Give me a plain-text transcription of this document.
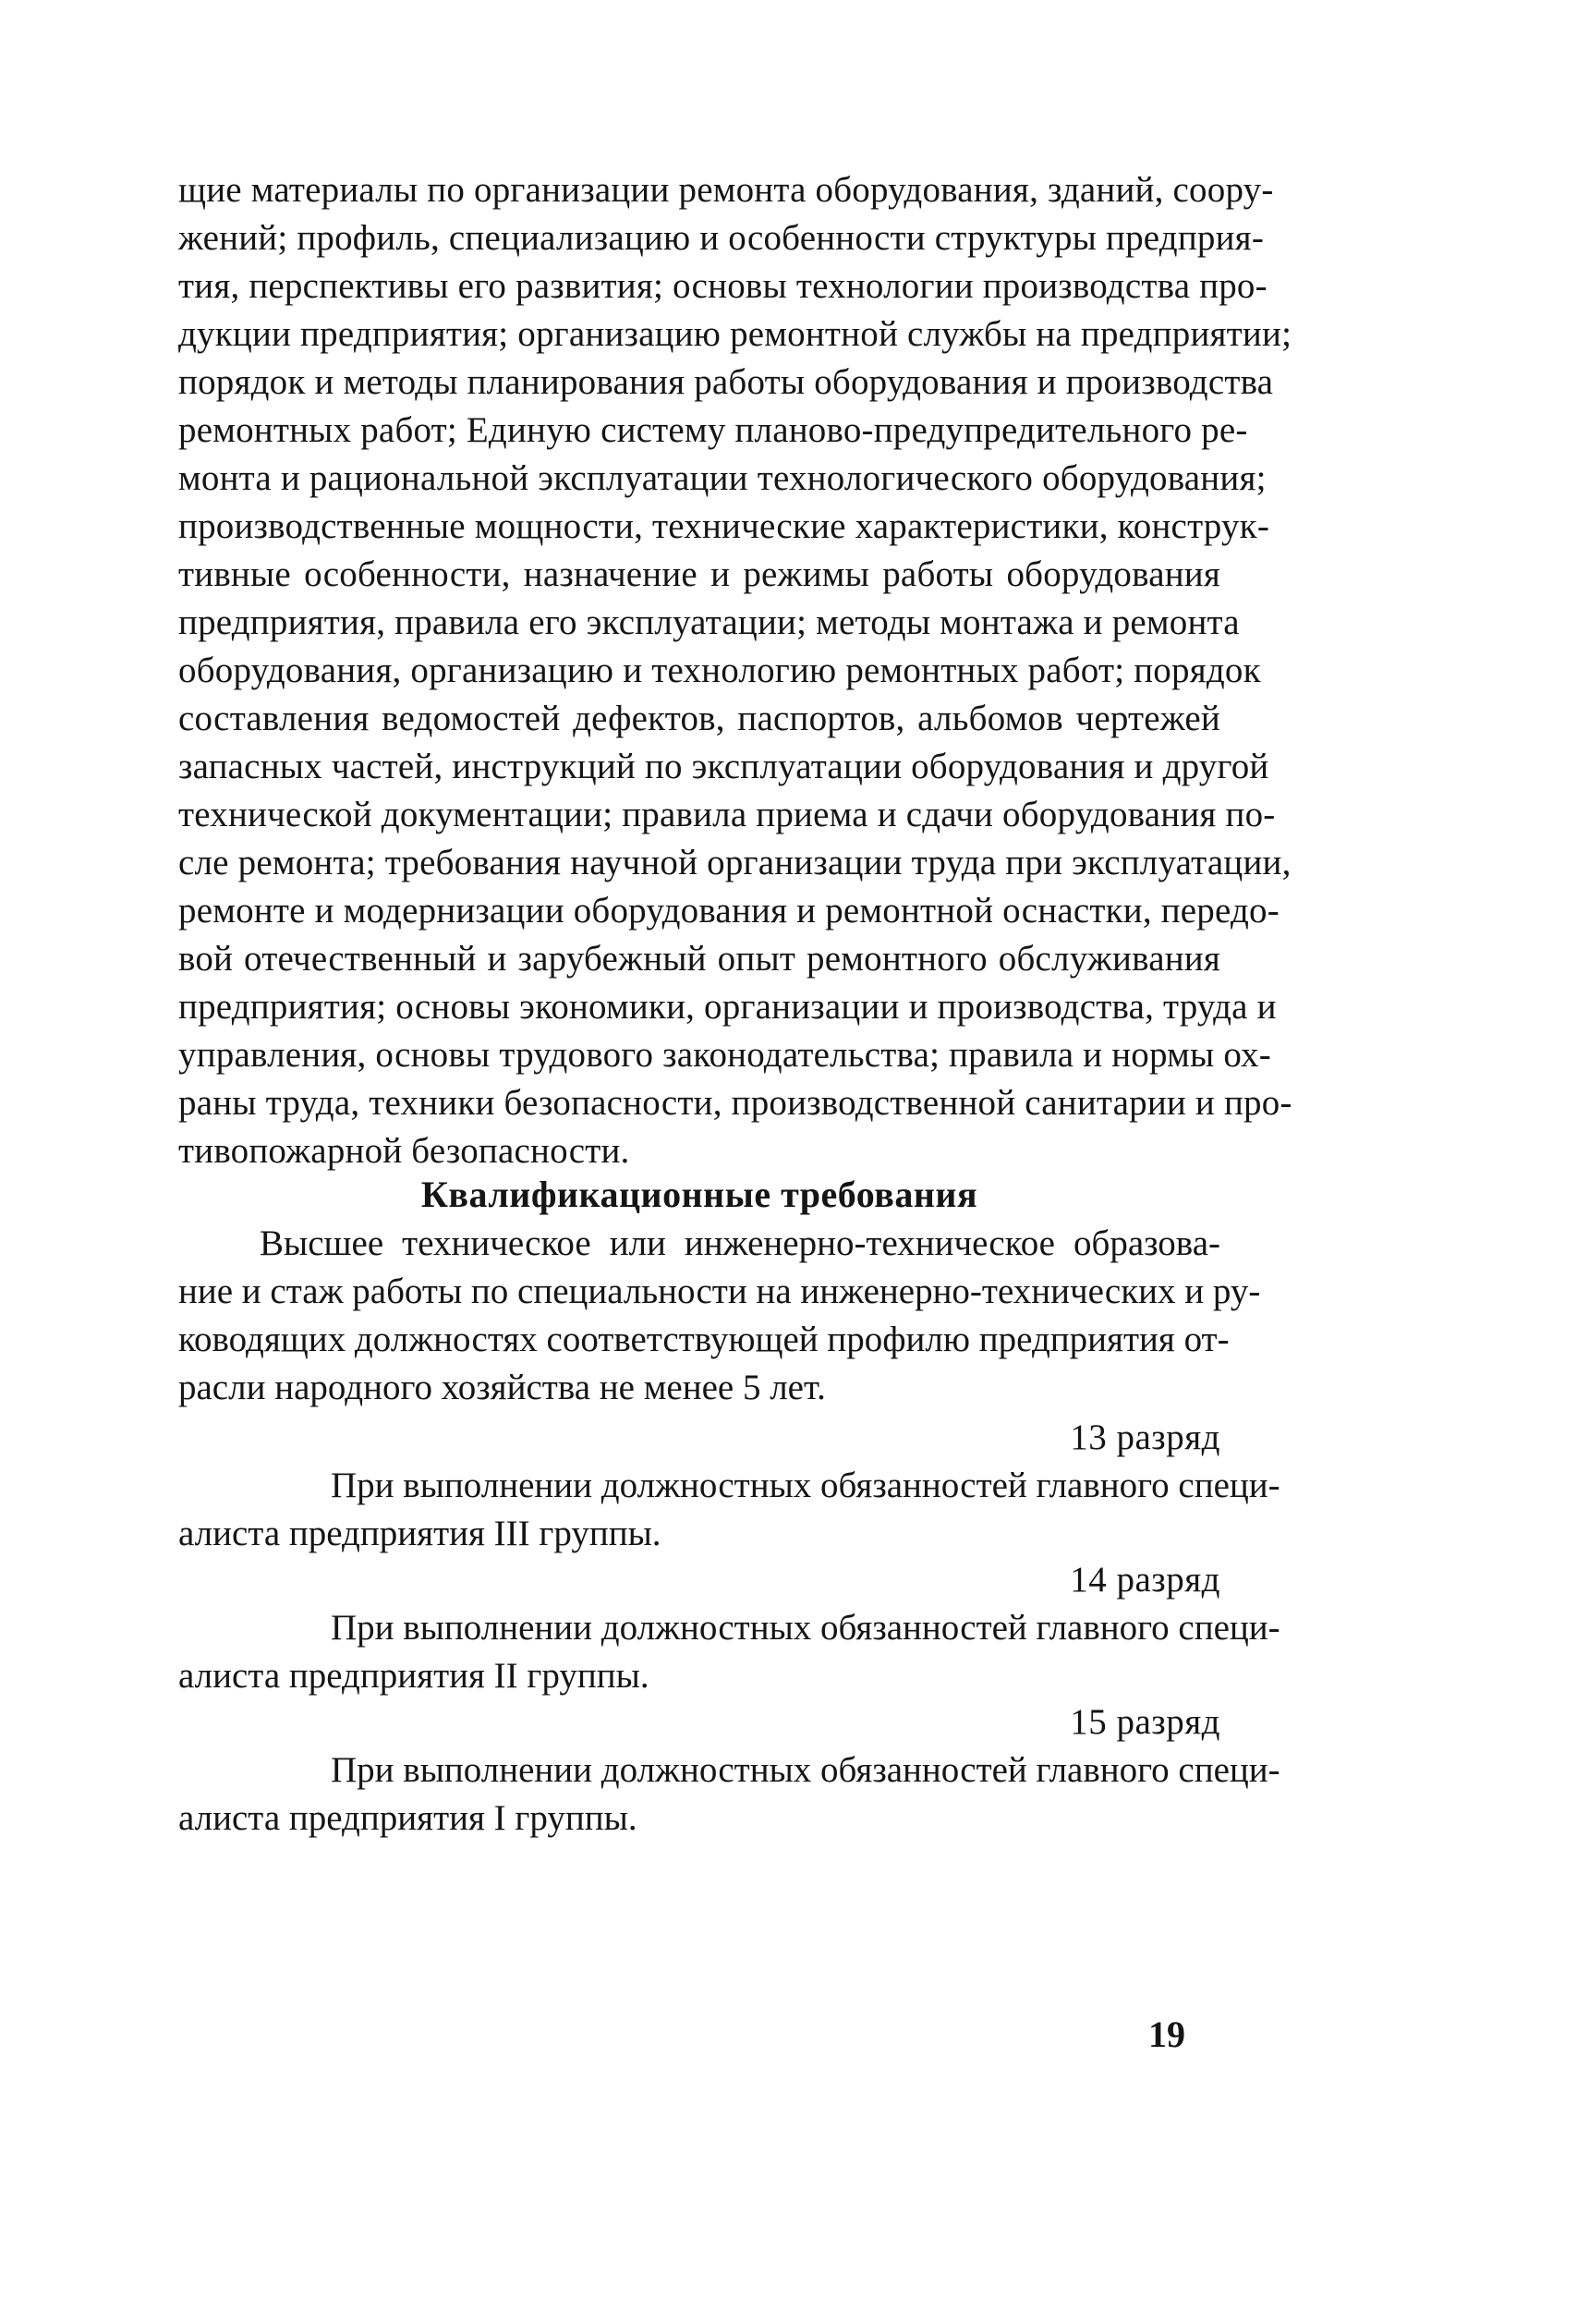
щие материалы по организации ремонта оборудования, зданий, соору-
жений; профиль, специализацию и особенности структуры предприя-
тия, перспективы его развития; основы технологии производства про-
дукции предприятия; организацию ремонтной службы на предприятии;
порядок и методы планирования работы оборудования и производства
ремонтных работ; Единую систему планово-предупредительного ре-
монта и рациональной эксплуатации технологического оборудования;
производственные мощности, технические характеристики, конструк-
тивные особенности, назначение и режимы работы оборудования
предприятия, правила его эксплуатации; методы монтажа и ремонта
оборудования, организацию и технологию ремонтных работ; порядок
составления ведомостей дефектов, паспортов, альбомов чертежей
запасных частей, инструкций по эксплуатации оборудования и другой
технической документации; правила приема и сдачи оборудования по-
сле ремонта; требования научной организации труда при эксплуатации,
ремонте и модернизации оборудования и ремонтной оснастки, передо-
вой отечественный и зарубежный опыт ремонтного обслуживания
предприятия; основы экономики, организации и производства, труда и
управления, основы трудового законодательства; правила и нормы ох-
раны труда, техники безопасности, производственной санитарии и про-
тивопожарной безопасности.
Квалификационные требования
Высшее техническое или инженерно-техническое образова-
ние и стаж работы по специальности на инженерно-технических и ру-
ководящих должностях соответствующей профилю предприятия от-
расли народного хозяйства не менее 5 лет.
13 разряд
При выполнении должностных обязанностей главного специ-
алиста предприятия III группы.
14 разряд
При выполнении должностных обязанностей главного специ-
алиста предприятия II группы.
15 разряд
При выполнении должностных обязанностей главного специ-
алиста предприятия I группы.
19
